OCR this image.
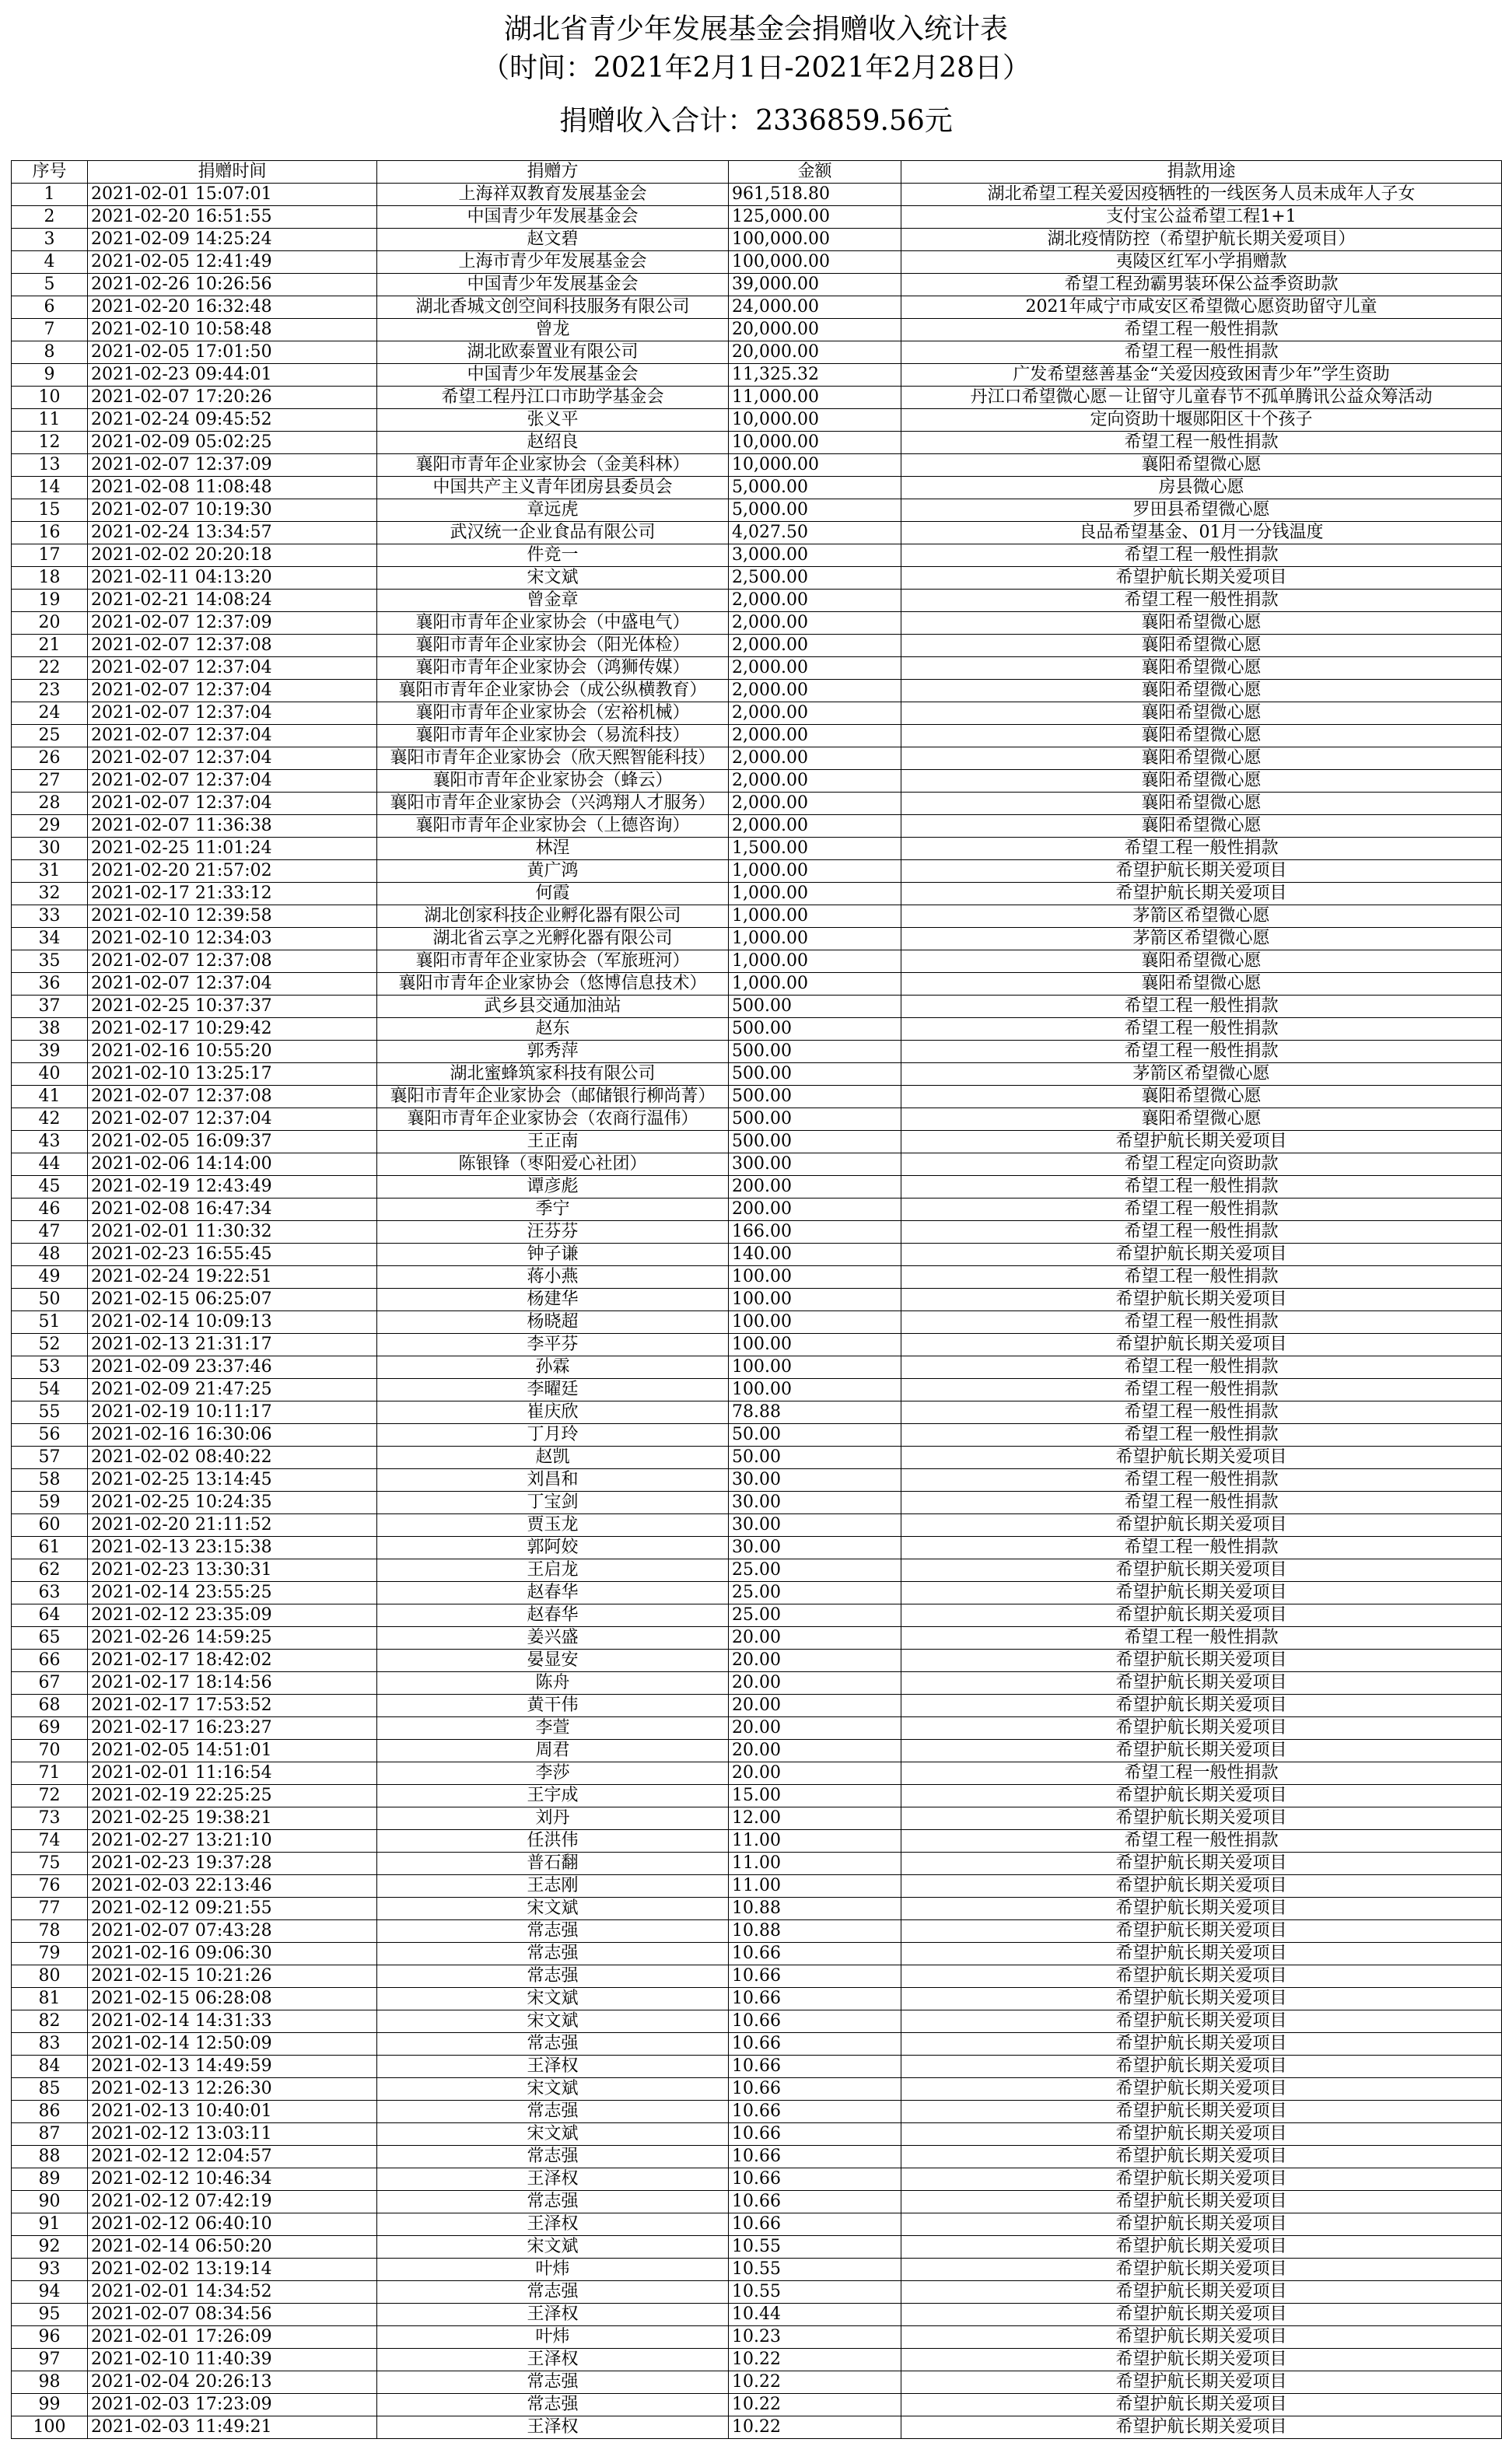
湖北省青少年发展基金会捐赠收入统计表
（时间：2021年2月1日-2021年2月28日）
捐赠收入合计：2336859.56元
序号	捐赠时间	捐赠方	金额	捐款用途
1	2021-02-01 15:07:01	上海祥双教育发展基金会	961,518.80	湖北希望工程关爱因疫牺牲的一线医务人员未成年人子女
2	2021-02-20 16:51:55	中国青少年发展基金会	125,000.00	支付宝公益希望工程1+1
3	2021-02-09 14:25:24	赵文碧	100,000.00	湖北疫情防控（希望护航长期关爱项目）
4	2021-02-05 12:41:49	上海市青少年发展基金会	100,000.00	夷陵区红军小学捐赠款
5	2021-02-26 10:26:56	中国青少年发展基金会	39,000.00	希望工程劲霸男装环保公益季资助款
6	2021-02-20 16:32:48	湖北香城文创空间科技服务有限公司	24,000.00	2021年咸宁市咸安区希望微心愿资助留守儿童
7	2021-02-10 10:58:48	曾龙	20,000.00	希望工程一般性捐款
8	2021-02-05 17:01:50	湖北欧泰置业有限公司	20,000.00	希望工程一般性捐款
9	2021-02-23 09:44:01	中国青少年发展基金会	11,325.32	广发希望慈善基金“关爱因疫致困青少年”学生资助
10	2021-02-07 17:20:26	希望工程丹江口市助学基金会	11,000.00	丹江口希望微心愿－让留守儿童春节不孤单腾讯公益众筹活动
11	2021-02-24 09:45:52	张义平	10,000.00	定向资助十堰郧阳区十个孩子
12	2021-02-09 05:02:25	赵绍良	10,000.00	希望工程一般性捐款
13	2021-02-07 12:37:09	襄阳市青年企业家协会（金美科林）	10,000.00	襄阳希望微心愿
14	2021-02-08 11:08:48	中国共产主义青年团房县委员会	5,000.00	房县微心愿
15	2021-02-07 10:19:30	章远虎	5,000.00	罗田县希望微心愿
16	2021-02-24 13:34:57	武汉统一企业食品有限公司	4,027.50	良品希望基金、01月一分钱温度
17	2021-02-02 20:20:18	件竞一	3,000.00	希望工程一般性捐款
18	2021-02-11 04:13:20	宋文斌	2,500.00	希望护航长期关爱项目
19	2021-02-21 14:08:24	曾金章	2,000.00	希望工程一般性捐款
20	2021-02-07 12:37:09	襄阳市青年企业家协会（中盛电气）	2,000.00	襄阳希望微心愿
21	2021-02-07 12:37:08	襄阳市青年企业家协会（阳光体检）	2,000.00	襄阳希望微心愿
22	2021-02-07 12:37:04	襄阳市青年企业家协会（鸿狮传媒）	2,000.00	襄阳希望微心愿
23	2021-02-07 12:37:04	襄阳市青年企业家协会（成公纵横教育）	2,000.00	襄阳希望微心愿
24	2021-02-07 12:37:04	襄阳市青年企业家协会（宏裕机械）	2,000.00	襄阳希望微心愿
25	2021-02-07 12:37:04	襄阳市青年企业家协会（易流科技）	2,000.00	襄阳希望微心愿
26	2021-02-07 12:37:04	襄阳市青年企业家协会（欣天熙智能科技）	2,000.00	襄阳希望微心愿
27	2021-02-07 12:37:04	襄阳市青年企业家协会（蜂云）	2,000.00	襄阳希望微心愿
28	2021-02-07 12:37:04	襄阳市青年企业家协会（兴鸿翔人才服务）	2,000.00	襄阳希望微心愿
29	2021-02-07 11:36:38	襄阳市青年企业家协会（上德咨询）	2,000.00	襄阳希望微心愿
30	2021-02-25 11:01:24	林涅	1,500.00	希望工程一般性捐款
31	2021-02-20 21:57:02	黄广鸿	1,000.00	希望护航长期关爱项目
32	2021-02-17 21:33:12	何霞	1,000.00	希望护航长期关爱项目
33	2021-02-10 12:39:58	湖北创家科技企业孵化器有限公司	1,000.00	茅箭区希望微心愿
34	2021-02-10 12:34:03	湖北省云享之光孵化器有限公司	1,000.00	茅箭区希望微心愿
35	2021-02-07 12:37:08	襄阳市青年企业家协会（军旅班河）	1,000.00	襄阳希望微心愿
36	2021-02-07 12:37:04	襄阳市青年企业家协会（悠博信息技术）	1,000.00	襄阳希望微心愿
37	2021-02-25 10:37:37	武乡县交通加油站	500.00	希望工程一般性捐款
38	2021-02-17 10:29:42	赵东	500.00	希望工程一般性捐款
39	2021-02-16 10:55:20	郭秀萍	500.00	希望工程一般性捐款
40	2021-02-10 13:25:17	湖北蜜蜂筑家科技有限公司	500.00	茅箭区希望微心愿
41	2021-02-07 12:37:08	襄阳市青年企业家协会（邮储银行柳尚菁）	500.00	襄阳希望微心愿
42	2021-02-07 12:37:04	襄阳市青年企业家协会（农商行温伟）	500.00	襄阳希望微心愿
43	2021-02-05 16:09:37	王正南	500.00	希望护航长期关爱项目
44	2021-02-06 14:14:00	陈银锋（枣阳爱心社团）	300.00	希望工程定向资助款
45	2021-02-19 12:43:49	谭彦彪	200.00	希望工程一般性捐款
46	2021-02-08 16:47:34	季宁	200.00	希望工程一般性捐款
47	2021-02-01 11:30:32	汪芬芬	166.00	希望工程一般性捐款
48	2021-02-23 16:55:45	钟子谦	140.00	希望护航长期关爱项目
49	2021-02-24 19:22:51	蒋小燕	100.00	希望工程一般性捐款
50	2021-02-15 06:25:07	杨建华	100.00	希望护航长期关爱项目
51	2021-02-14 10:09:13	杨晓超	100.00	希望工程一般性捐款
52	2021-02-13 21:31:17	李平芬	100.00	希望护航长期关爱项目
53	2021-02-09 23:37:46	孙霖	100.00	希望工程一般性捐款
54	2021-02-09 21:47:25	李曜廷	100.00	希望工程一般性捐款
55	2021-02-19 10:11:17	崔庆欣	78.88	希望工程一般性捐款
56	2021-02-16 16:30:06	丁月玲	50.00	希望工程一般性捐款
57	2021-02-02 08:40:22	赵凯	50.00	希望护航长期关爱项目
58	2021-02-25 13:14:45	刘昌和	30.00	希望工程一般性捐款
59	2021-02-25 10:24:35	丁宝剑	30.00	希望工程一般性捐款
60	2021-02-20 21:11:52	贾玉龙	30.00	希望护航长期关爱项目
61	2021-02-13 23:15:38	郭阿姣	30.00	希望工程一般性捐款
62	2021-02-23 13:30:31	王启龙	25.00	希望护航长期关爱项目
63	2021-02-14 23:55:25	赵春华	25.00	希望护航长期关爱项目
64	2021-02-12 23:35:09	赵春华	25.00	希望护航长期关爱项目
65	2021-02-26 14:59:25	姜兴盛	20.00	希望工程一般性捐款
66	2021-02-17 18:42:02	晏显安	20.00	希望护航长期关爱项目
67	2021-02-17 18:14:56	陈舟	20.00	希望护航长期关爱项目
68	2021-02-17 17:53:52	黄干伟	20.00	希望护航长期关爱项目
69	2021-02-17 16:23:27	李萱	20.00	希望护航长期关爱项目
70	2021-02-05 14:51:01	周君	20.00	希望护航长期关爱项目
71	2021-02-01 11:16:54	李莎	20.00	希望工程一般性捐款
72	2021-02-19 22:25:25	王宇成	15.00	希望护航长期关爱项目
73	2021-02-25 19:38:21	刘丹	12.00	希望护航长期关爱项目
74	2021-02-27 13:21:10	任洪伟	11.00	希望工程一般性捐款
75	2021-02-23 19:37:28	普石翻	11.00	希望护航长期关爱项目
76	2021-02-03 22:13:46	王志刚	11.00	希望护航长期关爱项目
77	2021-02-12 09:21:55	宋文斌	10.88	希望护航长期关爱项目
78	2021-02-07 07:43:28	常志强	10.88	希望护航长期关爱项目
79	2021-02-16 09:06:30	常志强	10.66	希望护航长期关爱项目
80	2021-02-15 10:21:26	常志强	10.66	希望护航长期关爱项目
81	2021-02-15 06:28:08	宋文斌	10.66	希望护航长期关爱项目
82	2021-02-14 14:31:33	宋文斌	10.66	希望护航长期关爱项目
83	2021-02-14 12:50:09	常志强	10.66	希望护航长期关爱项目
84	2021-02-13 14:49:59	王泽权	10.66	希望护航长期关爱项目
85	2021-02-13 12:26:30	宋文斌	10.66	希望护航长期关爱项目
86	2021-02-13 10:40:01	常志强	10.66	希望护航长期关爱项目
87	2021-02-12 13:03:11	宋文斌	10.66	希望护航长期关爱项目
88	2021-02-12 12:04:57	常志强	10.66	希望护航长期关爱项目
89	2021-02-12 10:46:34	王泽权	10.66	希望护航长期关爱项目
90	2021-02-12 07:42:19	常志强	10.66	希望护航长期关爱项目
91	2021-02-12 06:40:10	王泽权	10.66	希望护航长期关爱项目
92	2021-02-14 06:50:20	宋文斌	10.55	希望护航长期关爱项目
93	2021-02-02 13:19:14	叶炜	10.55	希望护航长期关爱项目
94	2021-02-01 14:34:52	常志强	10.55	希望护航长期关爱项目
95	2021-02-07 08:34:56	王泽权	10.44	希望护航长期关爱项目
96	2021-02-01 17:26:09	叶炜	10.23	希望护航长期关爱项目
97	2021-02-10 11:40:39	王泽权	10.22	希望护航长期关爱项目
98	2021-02-04 20:26:13	常志强	10.22	希望护航长期关爱项目
99	2021-02-03 17:23:09	常志强	10.22	希望护航长期关爱项目
100	2021-02-03 11:49:21	王泽权	10.22	希望护航长期关爱项目
